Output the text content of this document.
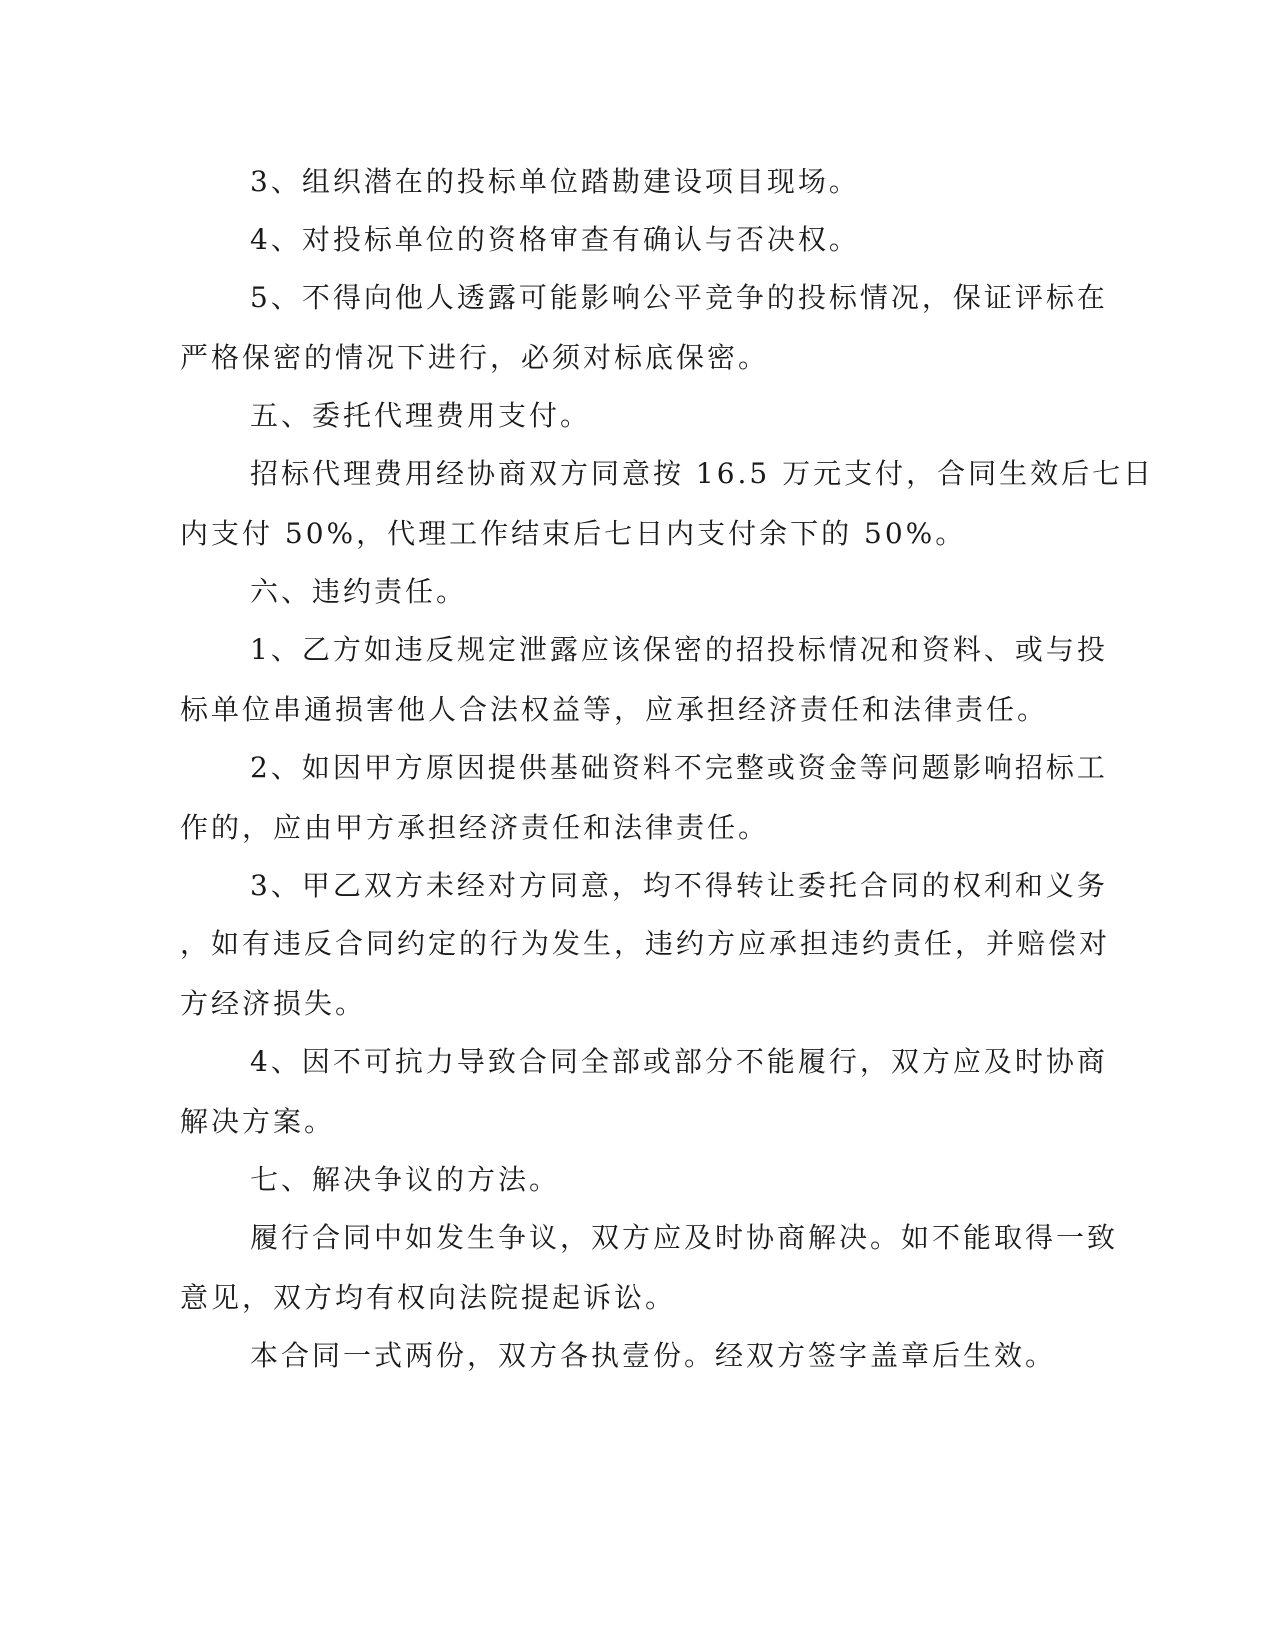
3、组织潜在的投标单位踏勘建设项目现场。
4、对投标单位的资格审查有确认与否决权。
5、不得向他人透露可能影响公平竞争的投标情况，保证评标在
严格保密的情况下进行，必须对标底保密。
五、委托代理费用支付。
招标代理费用经协商双方同意按 16.5 万元支付，合同生效后七日
内支付 50%，代理工作结束后七日内支付余下的 50%。
六、违约责任。
1、乙方如违反规定泄露应该保密的招投标情况和资料、或与投
标单位串通损害他人合法权益等，应承担经济责任和法律责任。
2、如因甲方原因提供基础资料不完整或资金等问题影响招标工
作的，应由甲方承担经济责任和法律责任。
3、甲乙双方未经对方同意，均不得转让委托合同的权利和义务
，如有违反合同约定的行为发生，违约方应承担违约责任，并赔偿对
方经济损失。
4、因不可抗力导致合同全部或部分不能履行，双方应及时协商
解决方案。
七、解决争议的方法。
履行合同中如发生争议，双方应及时协商解决。如不能取得一致
意见，双方均有权向法院提起诉讼。
本合同一式两份，双方各执壹份。经双方签字盖章后生效。
